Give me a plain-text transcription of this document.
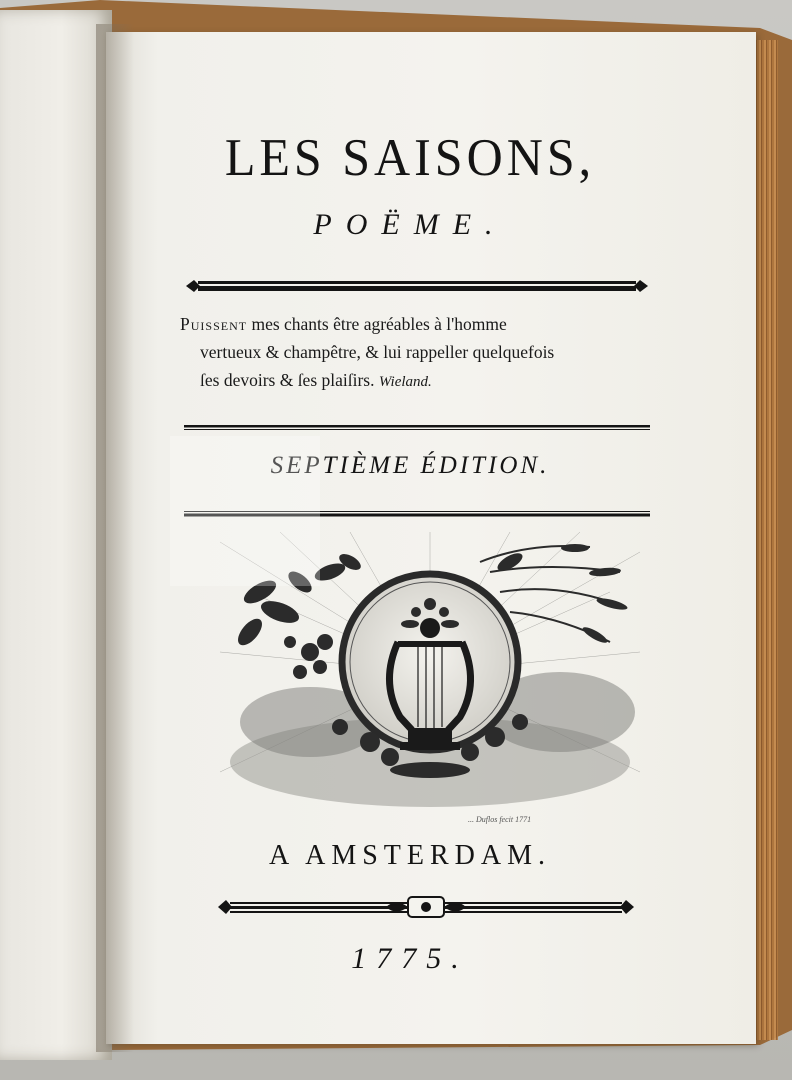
LES SAISONS,
POËME.
Puissent mes chants être agréables à l'homme
vertueux & champêtre, & lui rappeller quelquefois
ſes devoirs & ſes plaiſirs. Wieland.
SEPTIÈME ÉDITION.
... Duflos fecit 1771
A AMSTERDAM.
1775.
